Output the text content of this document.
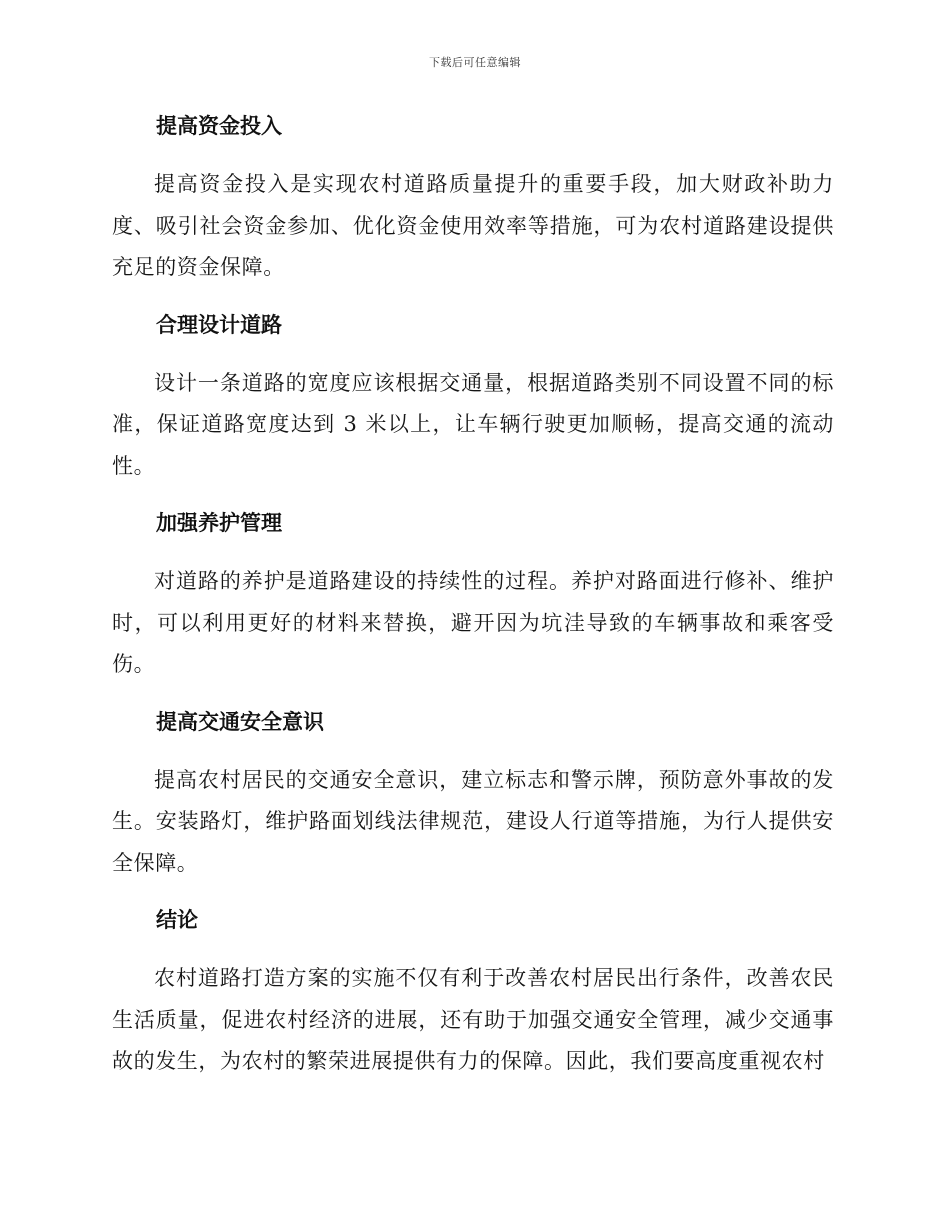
下载后可任意编辑
提高资金投入

提高资金投入是实现农村道路质量提升的重要手段，加大财政补助力度、吸引社会资金参加、优化资金使用效率等措施，可为农村道路建设提供充足的资金保障。

合理设计道路

设计一条道路的宽度应该根据交通量，根据道路类别不同设置不同的标准，保证道路宽度达到 3 米以上，让车辆行驶更加顺畅，提高交通的流动性。

加强养护管理

对道路的养护是道路建设的持续性的过程。养护对路面进行修补、维护时，可以利用更好的材料来替换，避开因为坑洼导致的车辆事故和乘客受伤。

提高交通安全意识

提高农村居民的交通安全意识，建立标志和警示牌，预防意外事故的发生。安装路灯，维护路面划线法律规范，建设人行道等措施，为行人提供安全保障。

结论

农村道路打造方案的实施不仅有利于改善农村居民出行条件，改善农民生活质量，促进农村经济的进展，还有助于加强交通安全管理，减少交通事故的发生，为农村的繁荣进展提供有力的保障。因此，我们要高度重视农村
